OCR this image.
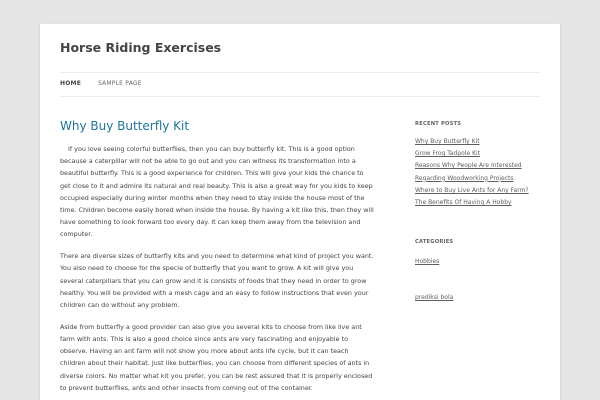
Horse Riding Exercises
HOME	SAMPLE PAGE
Why Buy Butterfly Kit

If you love seeing colorful butterflies, then you can buy butterfly kit. This is a good option because a caterpillar will not be able to go out and you can witness its transformation into a beautiful butterfly. This is a good experience for children. This will give your kids the chance to get close to it and admire its natural and real beauty. This is also a great way for you kids to keep occupied especially during winter months when they need to stay inside the house most of the time. Children become easily bored when inside the house. By having a kit like this, then they will have something to look forward too every day. It can keep them away from the television and computer.

There are diverse sizes of butterfly kits and you need to determine what kind of project you want. You also need to choose for the specie of butterfly that you want to grow. A kit will give you several caterpillars that you can grow and it is consists of foods that they need in order to grow healthy. You will be provided with a mesh cage and an easy to follow instructions that even your children can do without any problem.

Aside from butterfly a good provider can also give you several kits to choose from like live ant farm with ants. This is also a good choice since ants are very fascinating and enjoyable to observe. Having an ant farm will not show you more about ants life cycle, but it can teach children about their habitat. Just like butterflies, you can choose from different species of ants in diverse colors. No matter what kit you prefer, you can be rest assured that it is properly enclosed to prevent butterflies, ants and other insects from coming out of the container.

RECENT POSTS
Why Buy Butterfly Kit
Grow Frog Tadpole Kit
Reasons Why People Are Interested
Regarding Woodworking Projects
Where to Buy Live Ants for Any Farm?
The Benefits Of Having A Hobby
CATEGORIES
Hobbies
prediksi bola
